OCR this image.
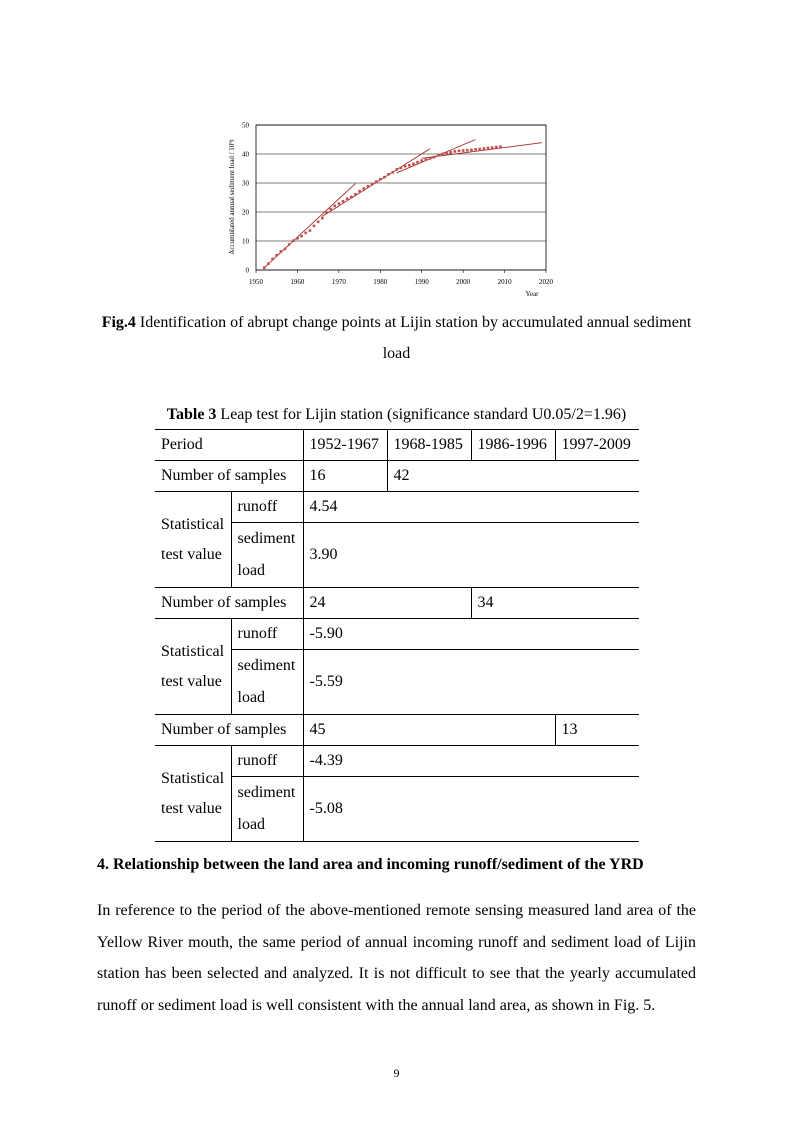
0
10
20
30
40
50
1950	1960	1970	1980	1990	2000	2010	2020
Accumulated annual sediment load / 10⁹t
Year
Fig.4 Identification of abrupt change points at Lijin station by accumulated annual sediment
load
Table 3 Leap test for Lijin station (significance standard U0.05/2=1.96)
Period		1952-1967	1968-1985	1986-1996	1997-2009
Number of samples		16	42		

Statistical
test value	runoff	4.54			

	sediment
load	3.90			
Number of samples		24		34	

Statistical
test value	runoff	-5.90			

	sediment
load	-5.59			
Number of samples		45			13

Statistical
test value	runoff	-4.39			

	sediment
load	-5.08			
4. Relationship between the land area and incoming runoff/sediment of the YRD
In reference to the period of the above-mentioned remote sensing measured land area of the Yellow River mouth, the same period of annual incoming runoff and sediment load of Lijin station has been selected and analyzed. It is not difficult to see that the yearly accumulated runoff or sediment load is well consistent with the annual land area, as shown in Fig. 5.
9
